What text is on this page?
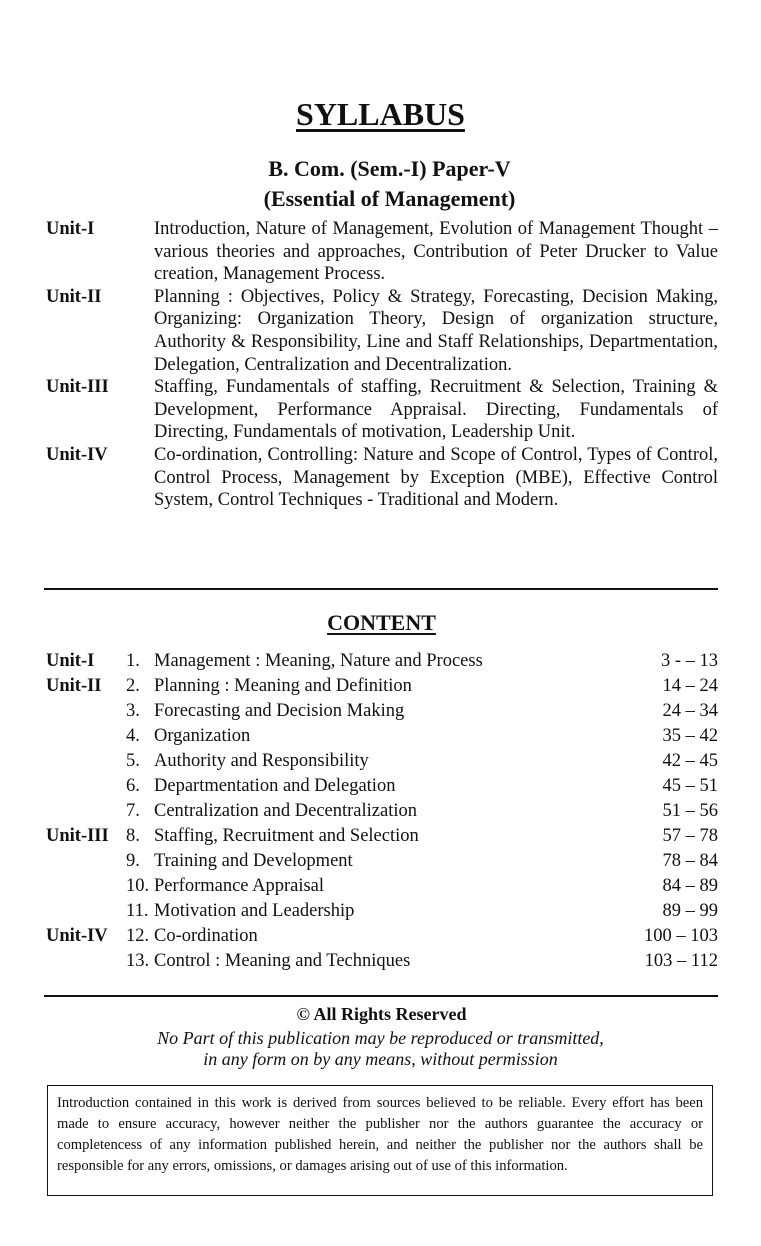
SYLLABUS
B. Com. (Sem.-I) Paper-V
(Essential of Management)
Unit-I	Introduction, Nature of Management, Evolution of Management Thought – various theories and approaches, Contribution of Peter Drucker to Value creation, Management Process.
Unit-II	Planning : Objectives, Policy & Strategy, Forecasting, Decision Making, Organizing: Organization Theory, Design of organization structure, Authority & Responsibility, Line and Staff Relationships, Departmentation, Delegation, Centralization and Decentralization.
Unit-III	Staffing, Fundamentals of staffing, Recruitment & Selection, Training & Development, Performance Appraisal. Directing, Fundamentals of Directing, Fundamentals of motivation, Leadership Unit.
Unit-IV	Co-ordination, Controlling: Nature and Scope of Control, Types of Control, Control Process, Management by Exception (MBE), Effective Control System, Control Techniques - Traditional and Modern.
CONTENT
Unit-I	1. Management : Meaning, Nature and Process	3 - – 13
Unit-II	2. Planning : Meaning and Definition	14 – 24
3. Forecasting and Decision Making	24 – 34
4. Organization	35 – 42
5. Authority and Responsibility	42 – 45
6. Departmentation and Delegation	45 – 51
7. Centralization and Decentralization	51 – 56
Unit-III 8. Staffing, Recruitment and Selection	57 – 78
9. Training and Development	78 – 84
10. Performance Appraisal	84 – 89
11. Motivation and Leadership	89 – 99
Unit-IV 12. Co-ordination	100 – 103
13. Control : Meaning and Techniques	103 – 112
© All Rights Reserved
No Part of this publication may be reproduced or transmitted,
in any form on by any means, without permission
Introduction contained in this work is derived from sources believed to be reliable. Every effort has been made to ensure accuracy, however neither the publisher nor the authors guarantee the accuracy or completencess of any information published herein, and neither the publisher nor the authors shall be responsible for any errors, omissions, or damages arising out of use of this information.
